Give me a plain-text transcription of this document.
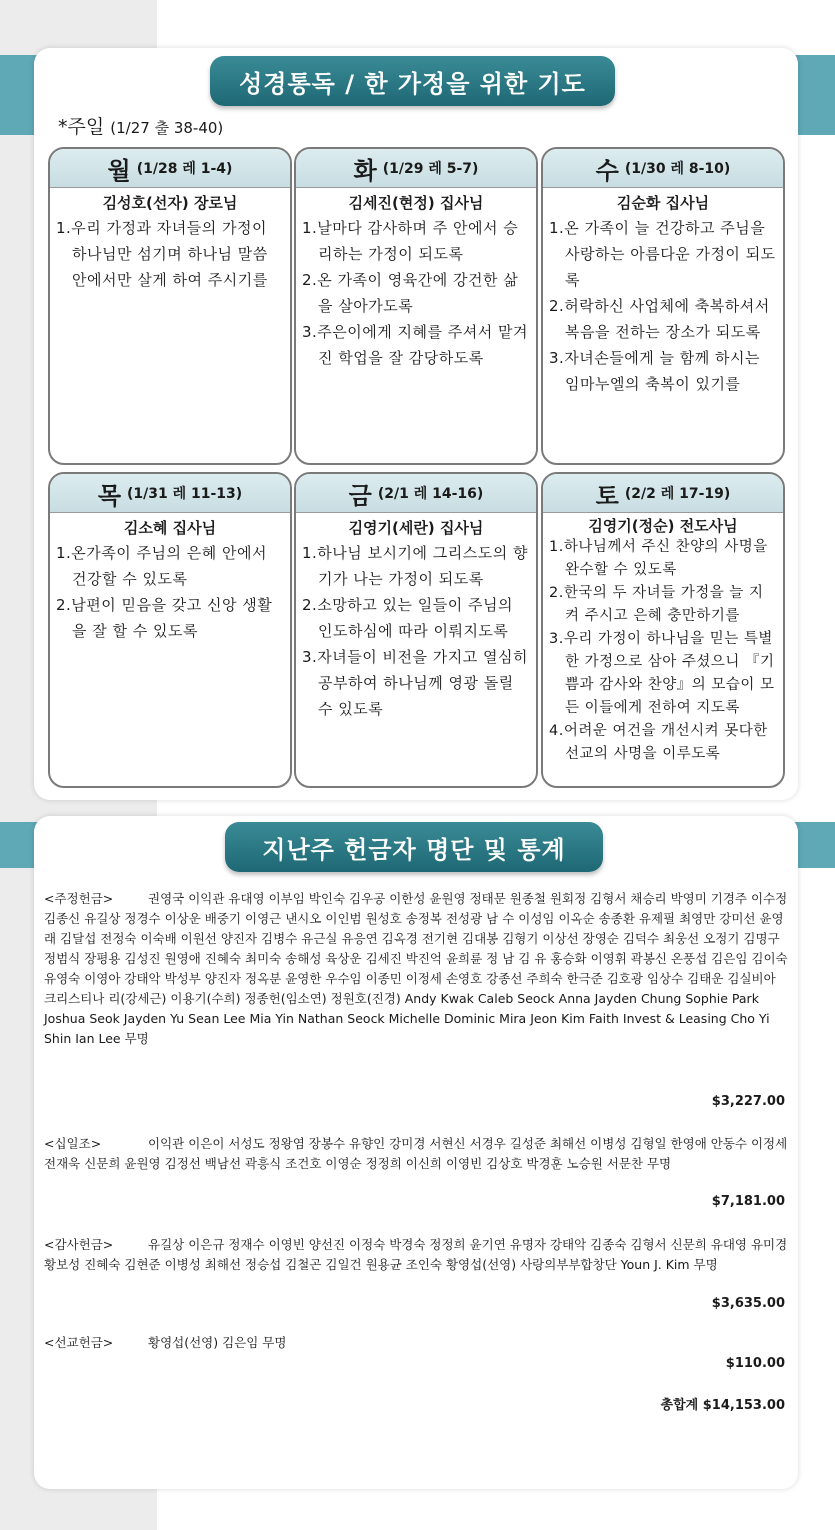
성경통독 / 한 가정을 위한 기도
*주일 (1/27 출 38-40)
월 (1/28 레 1-4)
김성호(선자) 장로님
1.우리 가정과 자녀들의 가정이 하나님만 섬기며 하나님 말씀 안에서만 살게 하여 주시기를
화 (1/29 레 5-7)
김세진(현정) 집사님
1.날마다 감사하며 주 안에서 승리하는 가정이 되도록
2.온 가족이 영육간에 강건한 삶을 살아가도록
3.주은이에게 지혜를 주셔서 맡겨진 학업을 잘 감당하도록
수 (1/30 레 8-10)
김순화 집사님
1.온 가족이 늘 건강하고 주님을 사랑하는 아름다운 가정이 되도록
2.허락하신 사업체에 축복하셔서 복음을 전하는 장소가 되도록
3.자녀손들에게 늘 함께 하시는 임마누엘의 축복이 있기를
목 (1/31 레 11-13)
김소혜 집사님
1.온가족이 주님의 은혜 안에서 건강할 수 있도록
2.남편이 믿음을 갖고 신앙 생활을 잘 할 수 있도록
금 (2/1 레 14-16)
김영기(세란) 집사님
1.하나님 보시기에 그리스도의 향기가 나는 가정이 되도록
2.소망하고 있는 일들이 주님의 인도하심에 따라 이뤄지도록
3.자녀들이 비전을 가지고 열심히 공부하여 하나님께 영광 돌릴 수 있도록
토 (2/2 레 17-19)
김영기(정순) 전도사님
1.하나님께서 주신 찬양의 사명을 완수할 수 있도록
2.한국의 두 자녀들 가정을 늘 지켜 주시고 은혜 충만하기를
3.우리 가정이 하나님을 믿는 특별한 가정으로 삼아 주셨으니 『기쁨과 감사와 찬양』의 모습이 모든 이들에게 전하여 지도록
4.어려운 여건을 개선시켜 못다한 선교의 사명을 이루도록
지난주 헌금자 명단 및 통계
<주정헌금>	권영국 이익관 유대영 이부임 박인숙 김우공 이한성 윤원영 정태문 원종철 원회정 김형서 채승리 박영미 기경주 이수정 김종신 유길상 정경수 이상운 배중기 이영근 낸시오 이인범 원성호 송정복 전성광 남 수 이성임 이옥순 송종환 유제필 최영만 강미선 윤영래 김달섭 전정숙 이숙배 이원선 양진자 김병수 유근실 유응연 김옥경 전기현 김대봉 김형기 이상선 장영순 김덕수 최웅선 오정기 김명구 정범식 장평용 김성진 원영애 진혜숙 최미숙 송해성 육상운 김세진 박진억 윤희륜 정 남 김 유 홍승화 이영휘 곽봉신 온풍섭 김은임 김이숙 유영숙 이영아 강태악 박성부 양진자 정옥분 윤영한 우수임 이종민 이정세 손영호 강종선 주희숙 한극준 김호광 임상수 김태운 김실비아 크리스티나 리(강세근) 이용기(수희) 정종헌(임소연) 정원호(진경) Andy Kwak Caleb Seock Anna Jayden Chung Sophie Park Joshua Seok Jayden Yu Sean Lee Mia Yin Nathan Seock Michelle Dominic Mira Jeon Kim Faith Invest & Leasing Cho Yi Shin Ian Lee 무명
$3,227.00
<십일조>	이익관 이은이 서성도 정왕염 장봉수 유향인 강미경 서현신 서경우 길성준 최해선 이병성 김형일 한영애 안동수 이정세 전재욱 신문희 윤원영 김정선 백남선 곽흥식 조건호 이영순 정정희 이신희 이영빈 김상호 박경훈 노승원 서문찬 무명
$7,181.00
<감사헌금>	유길상 이은규 정재수 이영빈 양선진 이정숙 박경숙 정정희 윤기연 유명자 강태악 김종숙 김형서 신문희 유대영 유미경 황보성 진혜숙 김현준 이병성 최해선 정승섭 김철곤 김일건 원용균 조인숙 황영섭(선영) 사랑의부부합창단 Youn J. Kim 무명
$3,635.00
<선교헌금>	황영섭(선영) 김은임 무명
$110.00
총합계 $14,153.00
